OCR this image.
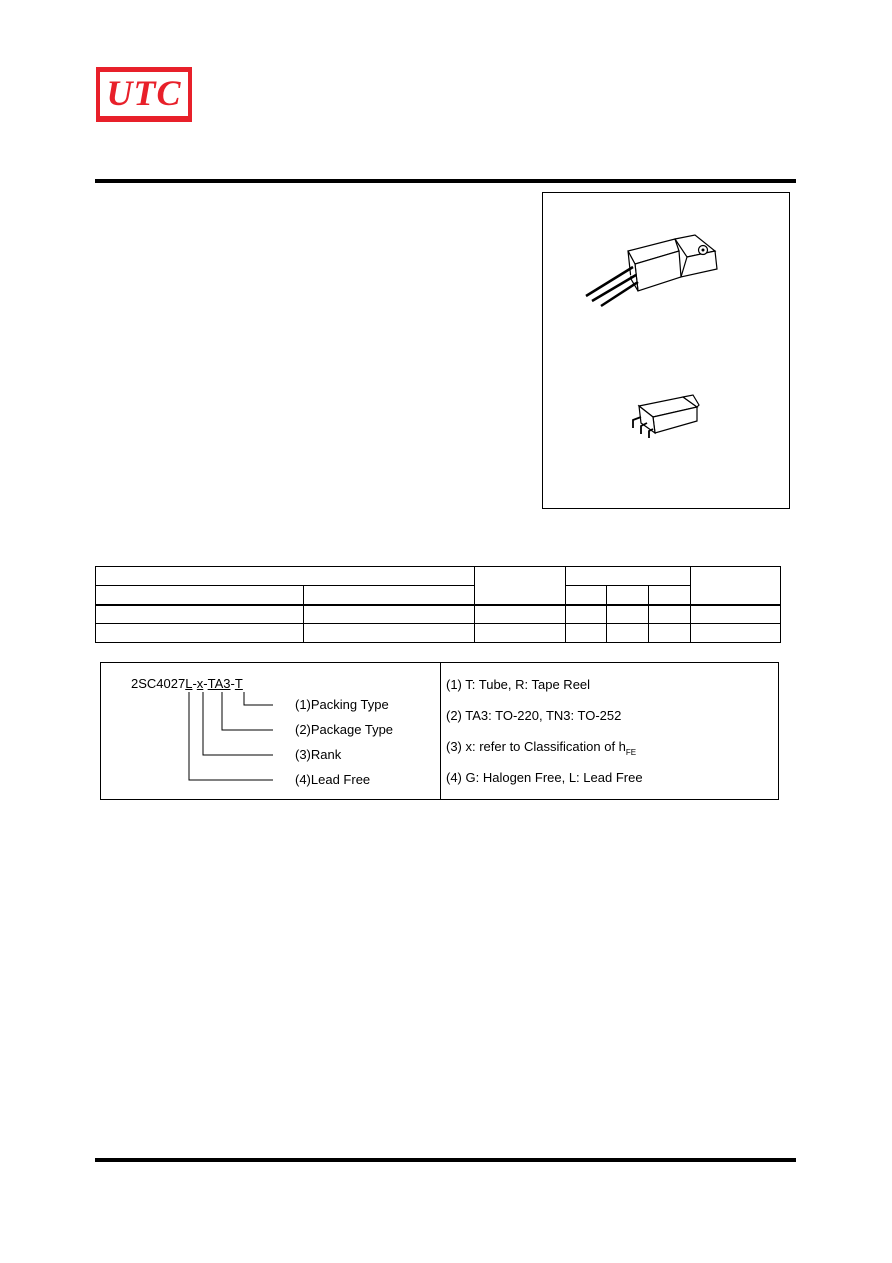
UTC

2SC4027L-x-TA3-T
(1)Packing Type
(2)Package Type
(3)Rank
(4)Lead Free
(1) T: Tube, R: Tape Reel
(2) TA3: TO-220, TN3: TO-252
(3) x: refer to Classification of $h_{FE}$
(4) G: Halogen Free, L: Lead Free
